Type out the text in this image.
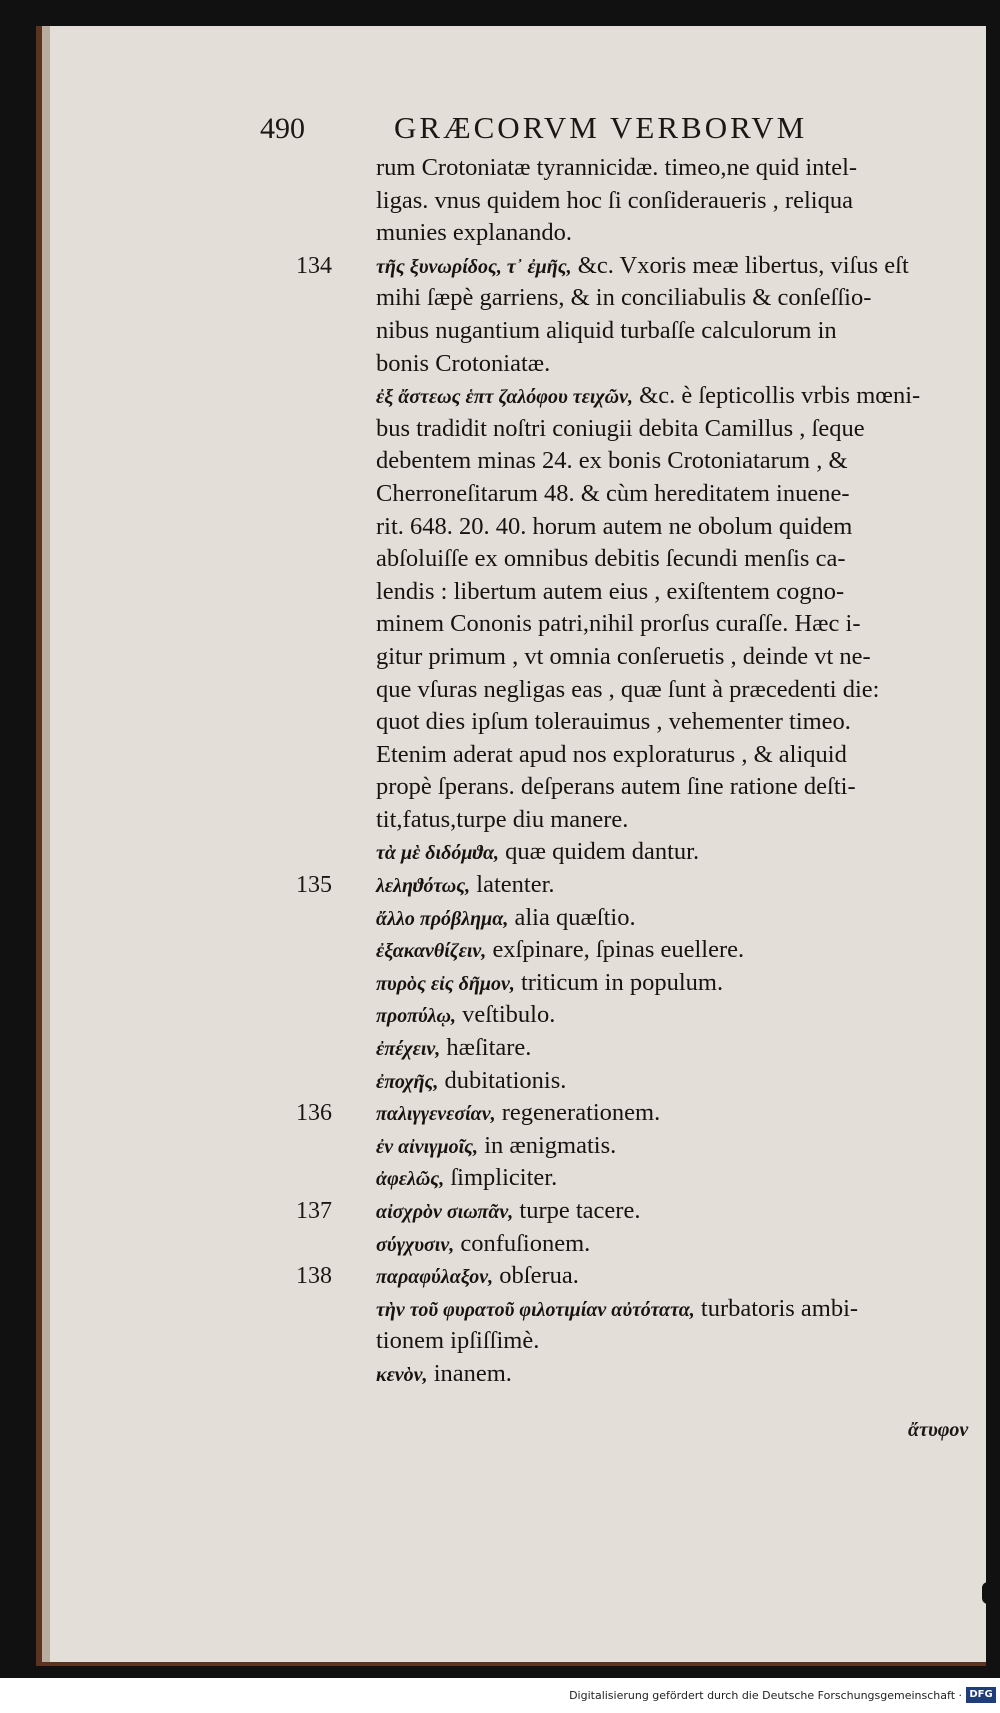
490	GRÆCORVM VERBORVM
rum Crotoniatæ tyrannicidæ. timeo,ne quid intel-
ligas. vnus quidem hoc ſi conſideraueris , reliqua
munies explanando.
134 τῆς ξυνωρίδος, τ᾿ ἐμῆς, &c. Vxoris meæ libertus, viſus eſt
mihi ſæpè garriens, & in conciliabulis & conſeſſio-
nibus nugantium aliquid turbaſſe calculorum in
bonis Crotoniatæ.
ἐξ ἄστεως ἑπτ ζαλόφου τειχῶν, &c. è ſepticollis vrbis mœni-
bus tradidit noſtri coniugii debita Camillus , ſeque
debentem minas 24. ex bonis Crotoniatarum , &
Cherroneſitarum 48. & cùm hereditatem inuene-
rit. 648. 20. 40. horum autem ne obolum quidem
abſoluiſſe ex omnibus debitis ſecundi menſis ca-
lendis : libertum autem eius , exiſtentem cogno-
minem Cononis patri,nihil prorſus curaſſe. Hæc i-
gitur primum , vt omnia conſeruetis , deinde vt ne-
que vſuras negligas eas , quæ ſunt à præcedenti die:
quot dies ipſum tolerauimus , vehementer timeo.
Etenim aderat apud nos exploraturus , & aliquid
propè ſperans. deſperans autem ſine ratione deſti-
tit,fatus,turpe diu manere.
τὰ μὲ διδόμϑα, quæ quidem dantur.
135 λεληϑότως, latenter.
ἄλλο πρόβλημα, alia quæſtio.
ἐξακανθίζειν, exſpinare, ſpinas euellere.
πυρὸς εἰς δῆμον, triticum in populum.
προπύλῳ, veſtibulo.
ἐπέχειν, hæſitare.
ἐποχῆς, dubitationis.
136 παλιγγενεσίαν, regenerationem.
ἐν αἰνιγμοῖς, in ænigmatis.
ἀφελῶς, ſimpliciter.
137 αἰσχρὸν σιωπᾶν, turpe tacere.
σύγχυσιν, confuſionem.
138 παραφύλαξον, obſerua.
τὴν τοῦ φυρατοῦ φιλοτιμίαν αὐτότατα, turbatoris ambi-
tionem ipſiſſimè.
κενὸν, inanem.
ἄτυφον
Digitalisierung gefördert durch die Deutsche Forschungsgemeinschaft · DFG
